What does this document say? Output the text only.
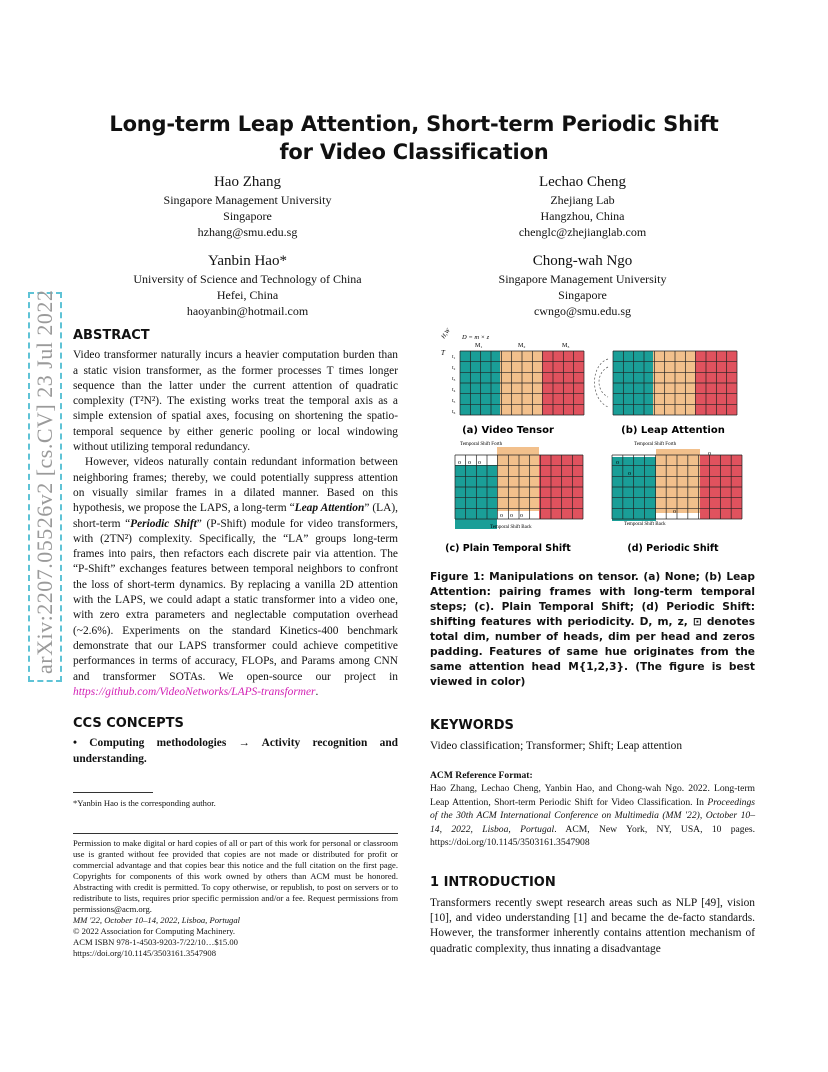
arXiv:2207.05526v2 [cs.CV] 23 Jul 2022
Long-term Leap Attention, Short-term Periodic Shift
for Video Classification
Hao Zhang
Singapore Management University
Singapore
hzhang@smu.edu.sg
Lechao Cheng
Zhejiang Lab
Hangzhou, China
chenglc@zhejianglab.com
Yanbin Hao*
University of Science and Technology of China
Hefei, China
haoyanbin@hotmail.com
Chong-wah Ngo
Singapore Management University
Singapore
cwngo@smu.edu.sg
ABSTRACT

Video transformer naturally incurs a heavier computation burden than a static vision transformer, as the former processes T times longer sequence than the latter under the current attention of quadratic complexity (T²N²). The existing works treat the temporal axis as a simple extension of spatial axes, focusing on shortening the spatio-temporal sequence by either generic pooling or local windowing without utilizing temporal redundancy.

However, videos naturally contain redundant information between neighboring frames; thereby, we could potentially suppress attention on visually similar frames in a dilated manner. Based on this hypothesis, we propose the LAPS, a long-term “Leap Attention” (LA), short-term “Periodic Shift” (P-Shift) module for video transformers, with (2TN²) complexity. Specifically, the “LA” groups long-term frames into pairs, then refactors each discrete pair via attention. The “P-Shift” exchanges features between temporal neighbors to confront the loss of short-term dynamics. By replacing a vanilla 2D attention with the LAPS, we could adapt a static transformer into a video one, with zero extra parameters and neglectable computation overhead (~2.6%). Experiments on the standard Kinetics-400 benchmark demonstrate that our LAPS transformer could achieve competitive performances in terms of accuracy, FLOPs, and Params among CNN and transformer SOTAs. We open-source our project in https://github.com/VideoNetworks/LAPS-transformer.

CCS CONCEPTS

• Computing methodologies → Activity recognition and understanding.

*Yanbin Hao is the corresponding author.
Permission to make digital or hard copies of all or part of this work for personal or classroom use is granted without fee provided that copies are not made or distributed for profit or commercial advantage and that copies bear this notice and the full citation on the first page. Copyrights for components of this work owned by others than ACM must be honored. Abstracting with credit is permitted. To copy otherwise, or republish, to post on servers or to redistribute to lists, requires prior specific permission and/or a fee. Request permissions from permissions@acm.org.
MM '22, October 10–14, 2022, Lisboa, Portugal
© 2022 Association for Computing Machinery.
ACM ISBN 978-1-4503-9203-7/22/10…$15.00
https://doi.org/10.1145/3503161.3547908
H,W D = m × z
M₁	M₂	M₃
T t₁
t₂
t₃
t₄
t₅
t₆
(a) Video Tensor	(b) Leap Attention
Temporal Shift Forth
Temporal Shift Back
o o o
o o o
Temporal Shift Forth
Temporal Shift Back
o
o
o
o
(c) Plain Temporal Shift	(d) Periodic Shift
Figure 1: Manipulations on tensor. (a) None; (b) Leap Attention: pairing frames with long-term temporal steps; (c). Plain Temporal Shift; (d) Periodic Shift: shifting features with periodicity. D, m, z, ⊡ denotes total dim, number of heads, dim per head and zeros padding. Features of same hue originates from the same attention head M{1,2,3}. (The figure is best viewed in color)
KEYWORDS

Video classification; Transformer; Shift; Leap attention

ACM Reference Format:
Hao Zhang, Lechao Cheng, Yanbin Hao, and Chong-wah Ngo. 2022. Long-term Leap Attention, Short-term Periodic Shift for Video Classification. In Proceedings of the 30th ACM International Conference on Multimedia (MM '22), October 10–14, 2022, Lisboa, Portugal. ACM, New York, NY, USA, 10 pages. https://doi.org/10.1145/3503161.3547908
1 INTRODUCTION

Transformers recently swept research areas such as NLP [49], vision [10], and video understanding [1] and became the de-facto standards. However, the transformer inherently contains attention mechanism of quadratic complexity, thus innating a disadvantage
